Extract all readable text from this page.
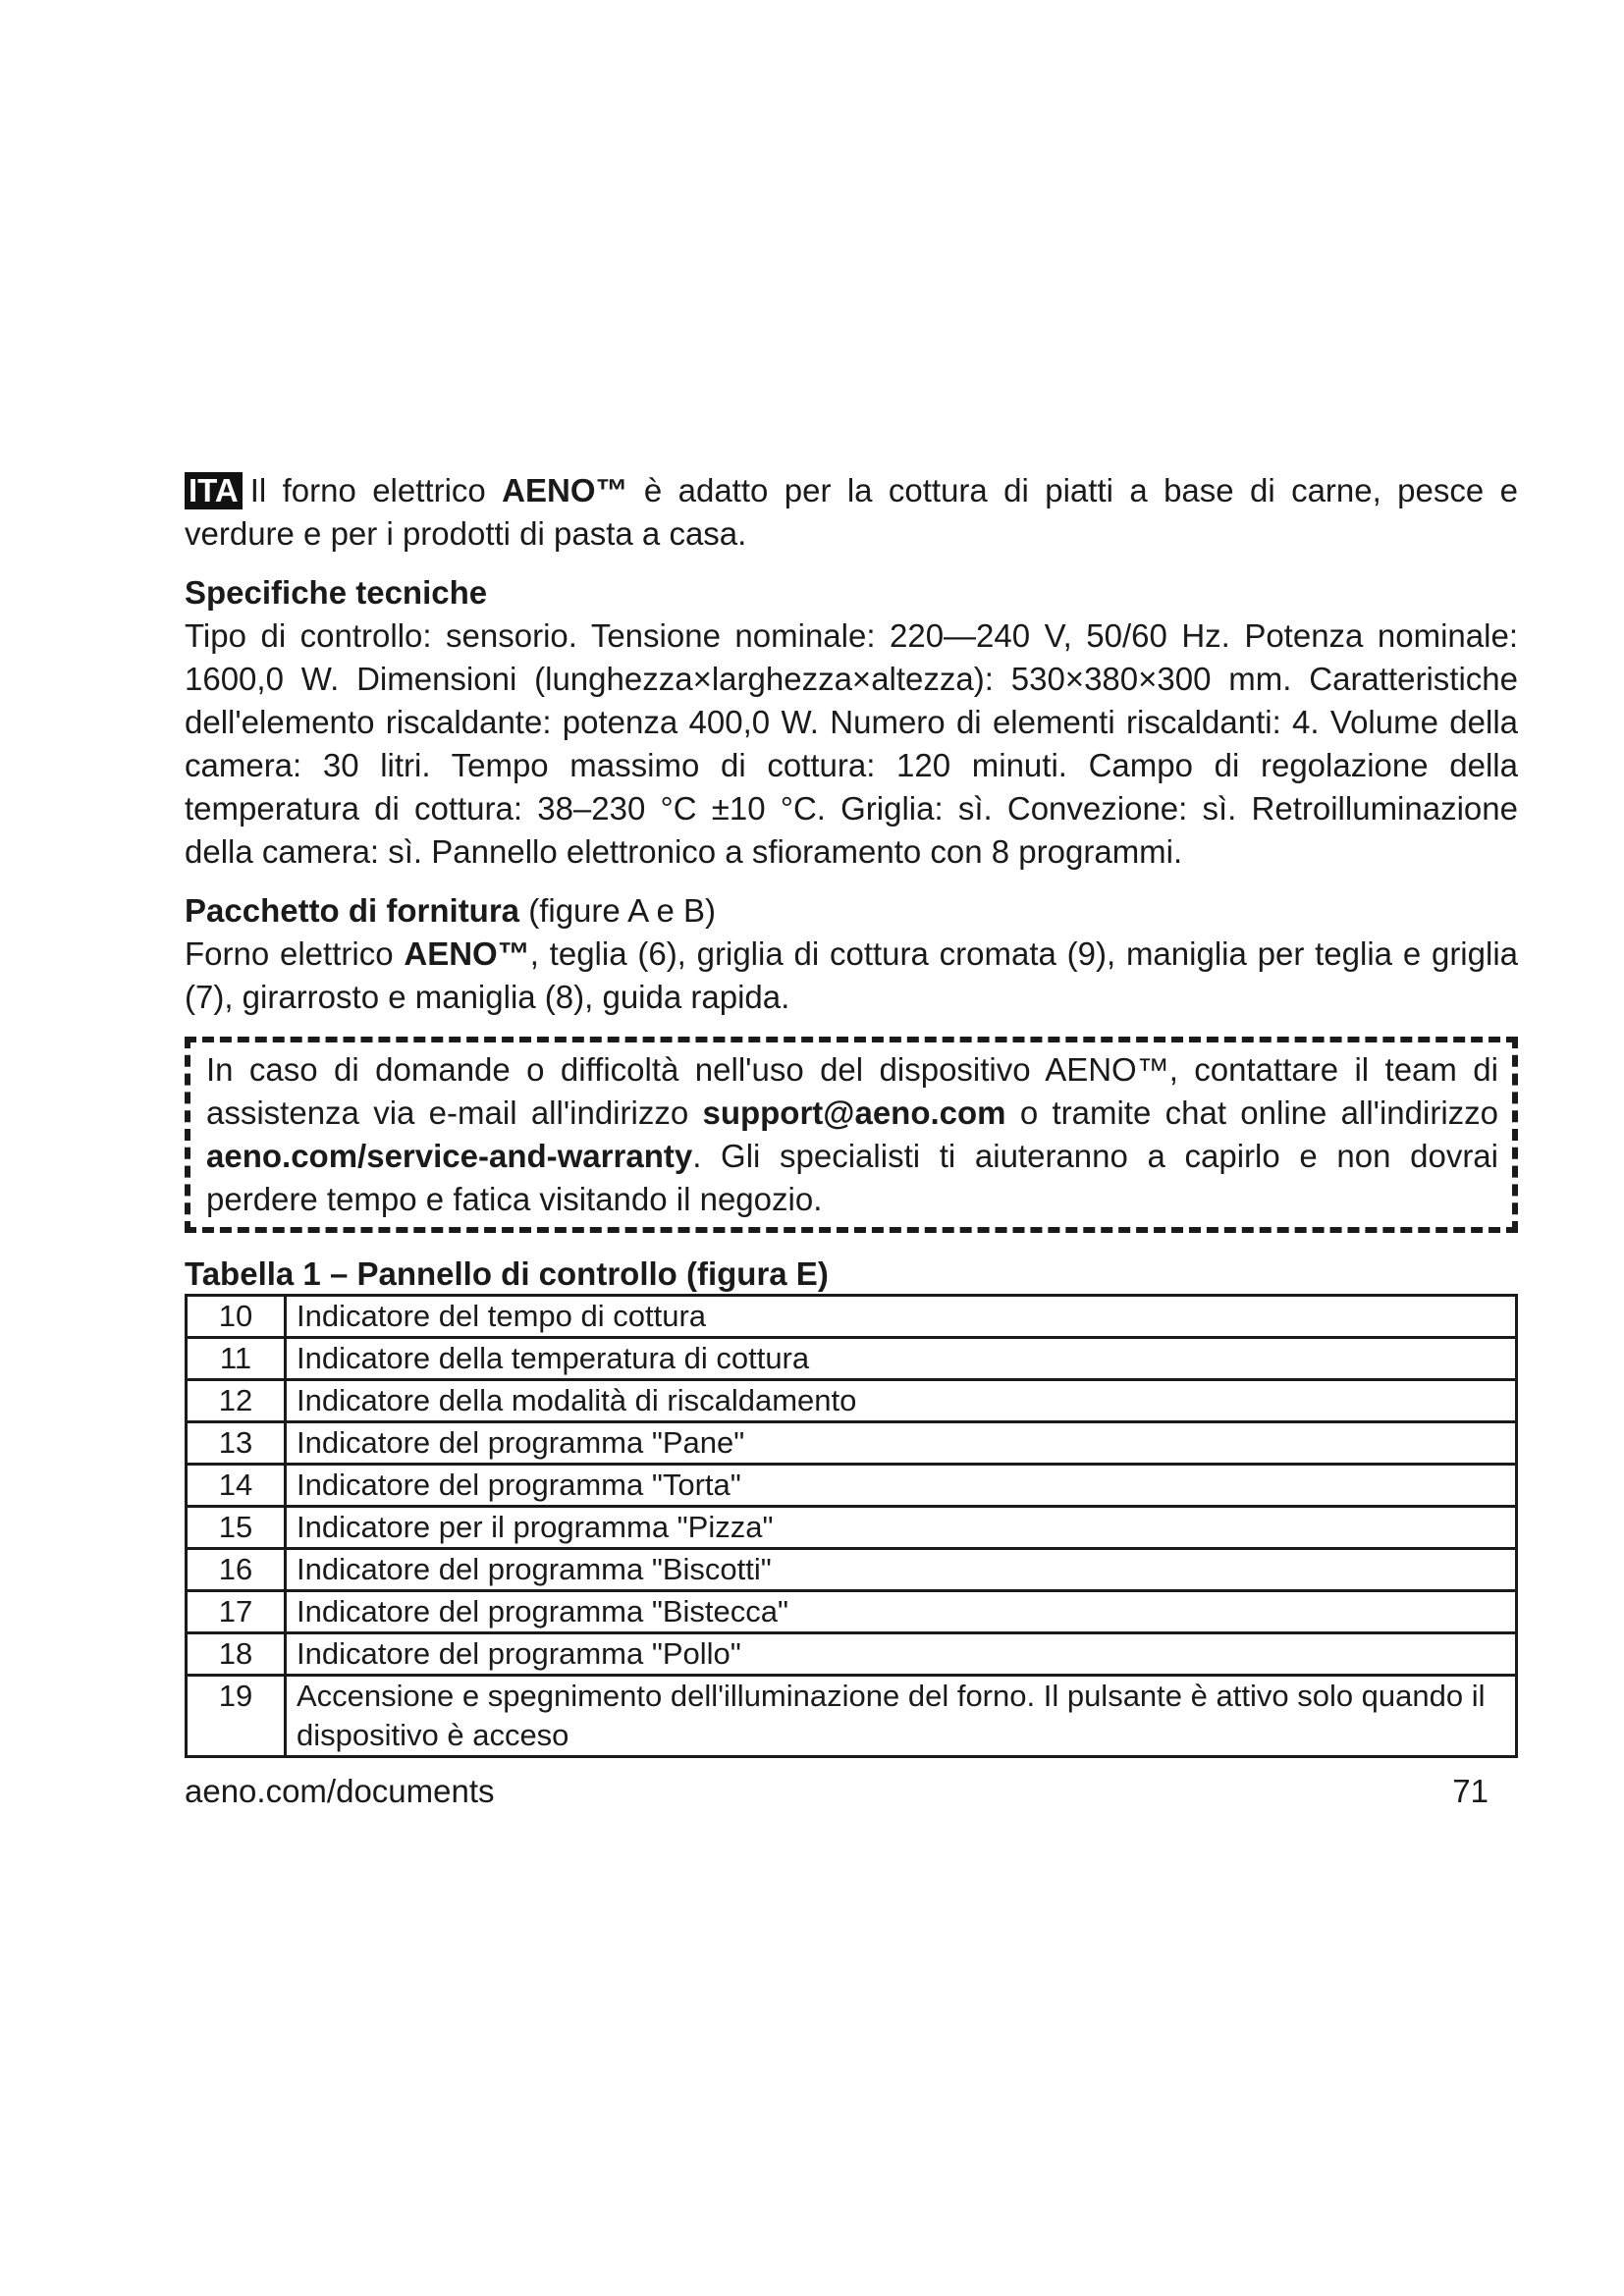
ITA Il forno elettrico AENO™ è adatto per la cottura di piatti a base di carne, pesce e verdure e per i prodotti di pasta a casa.

Specifiche tecniche

Tipo di controllo: sensorio. Tensione nominale: 220—240 V, 50/60 Hz. Potenza nominale: 1600,0 W. Dimensioni (lunghezza×larghezza×altezza): 530×380×300 mm. Caratteristiche dell'elemento riscaldante: potenza 400,0 W. Numero di elementi riscaldanti: 4. Volume della camera: 30 litri. Tempo massimo di cottura: 120 minuti. Campo di regolazione della temperatura di cottura: 38–230 °C ±10 °C. Griglia: sì. Convezione: sì. Retroilluminazione della camera: sì. Pannello elettronico a sfioramento con 8 programmi.

Pacchetto di fornitura (figure A e B)

Forno elettrico AENO™, teglia (6), griglia di cottura cromata (9), maniglia per teglia e griglia (7), girarrosto e maniglia (8), guida rapida.

In caso di domande o difficoltà nell'uso del dispositivo AENO™, contattare il team di assistenza via e-mail all'indirizzo support@aeno.com o tramite chat online all'indirizzo aeno.com/service-and-warranty. Gli specialisti ti aiuteranno a capirlo e non dovrai perdere tempo e fatica visitando il negozio.
Tabella 1 – Pannello di controllo (figura E)
10	Indicatore del tempo di cottura
11	Indicatore della temperatura di cottura
12	Indicatore della modalità di riscaldamento
13	Indicatore del programma "Pane"
14	Indicatore del programma "Torta"
15	Indicatore per il programma "Pizza"
16	Indicatore del programma "Biscotti"
17	Indicatore del programma "Bistecca"
18	Indicatore del programma "Pollo"
19	Accensione e spegnimento dell'illuminazione del forno. Il pulsante è attivo solo quando il dispositivo è acceso
aeno.com/documents	71
